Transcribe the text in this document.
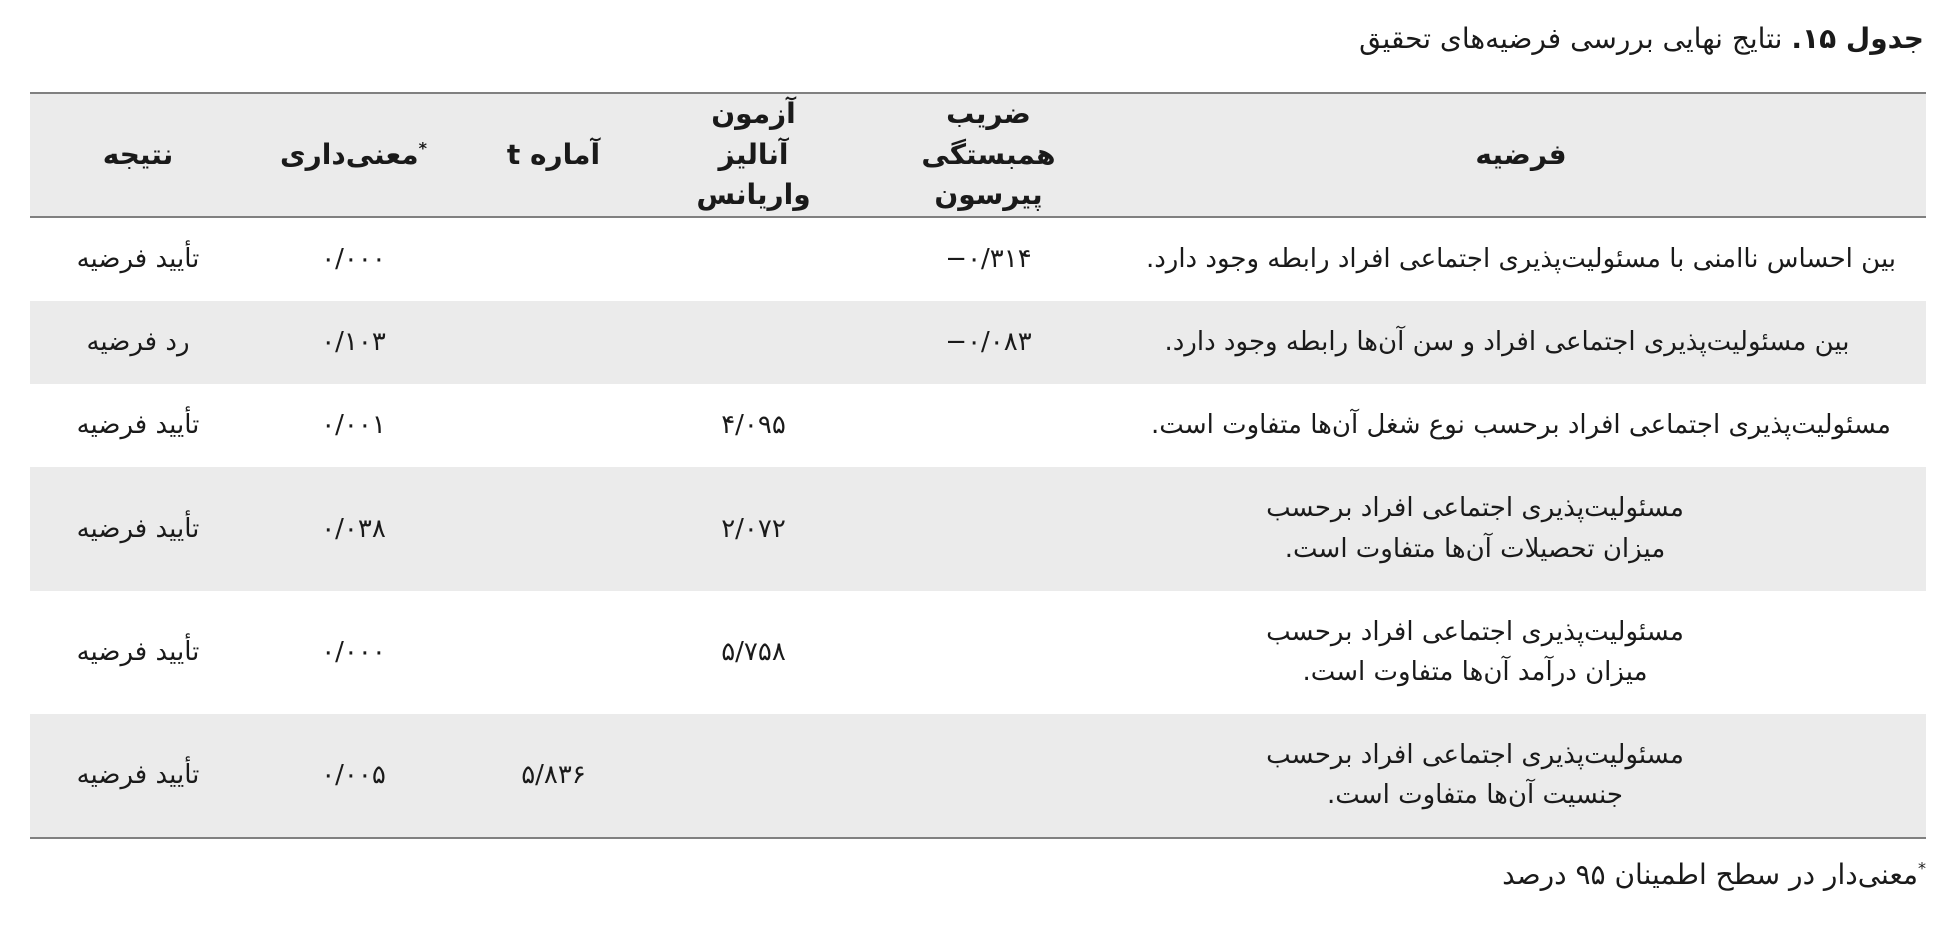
جدول ۱۵. نتایج نهایی بررسی فرضیه‌های تحقیق
فرضیه	ضریب همبستگی پیرسون	آزمون آنالیز واریانس	آماره t	*معنی‌داری	نتیجه
بین احساس ناامنی با مسئولیت‌پذیری اجتماعی افراد رابطه وجود دارد.	−۰/۳۱۴			۰/۰۰۰	تأیید فرضیه
بین مسئولیت‌پذیری اجتماعی افراد و سن آن‌ها رابطه وجود دارد.	−۰/۰۸۳			۰/۱۰۳	رد فرضیه
مسئولیت‌پذیری اجتماعی افراد برحسب نوع شغل آن‌ها متفاوت است.		۴/۰۹۵		۰/۰۰۱	تأیید فرضیه

مسئولیت‌پذیری اجتماعی افراد برحسب
میزان تحصیلات آن‌ها متفاوت است.		۲/۰۷۲		۰/۰۳۸	تأیید فرضیه

مسئولیت‌پذیری اجتماعی افراد برحسب
میزان درآمد آن‌ها متفاوت است.		۵/۷۵۸		۰/۰۰۰	تأیید فرضیه

مسئولیت‌پذیری اجتماعی افراد برحسب
جنسیت آن‌ها متفاوت است.			۵/۸۳۶	۰/۰۰۵	تأیید فرضیه
*معنی‌دار در سطح اطمینان ۹۵ درصد
